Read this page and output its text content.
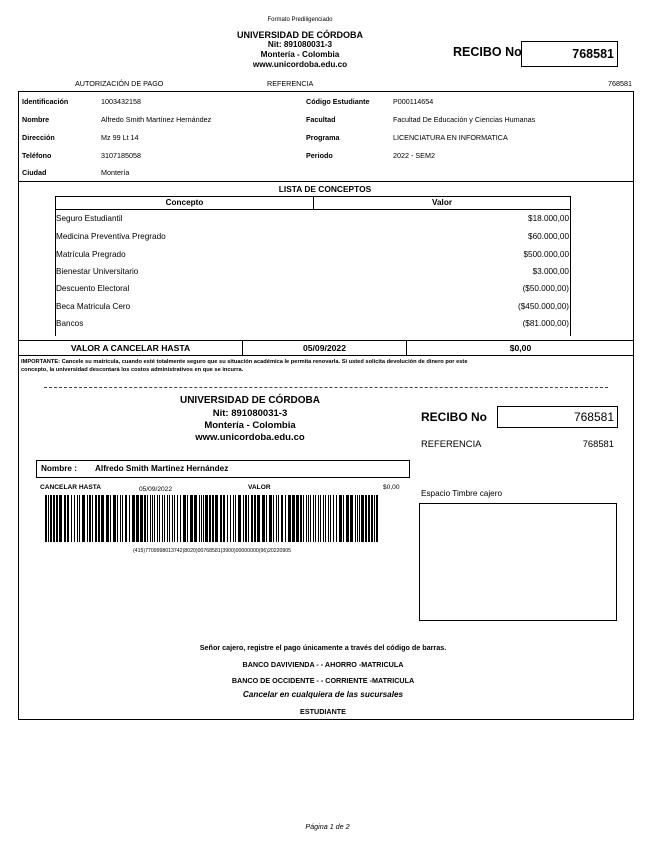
Formato Prediligenciado
UNIVERSIDAD DE CÓRDOBA
Nit: 891080031-3
Montería - Colombia
www.unicordoba.edu.co
RECIBO No	768581
AUTORIZACIÓN DE PAGO	REFERENCIA	768581
Identificación	1003432158
Nombre	Alfredo Smith Martínez Hernández
Dirección	Mz 99 Lt 14
Teléfono	3107185058
Ciudad	Montería
Código Estudiante	P000114654
Facultad	Facultad De Educación y Ciencias Humanas
Programa	LICENCIATURA EN INFORMATICA
Periodo	2022 - SEM2
LISTA DE CONCEPTOS
Concepto	Valor
Seguro Estudiantil	$18.000,00
Medicina Preventiva Pregrado	$60.000,00
Matrícula Pregrado	$500.000,00
Bienestar Universitario	$3.000,00
Descuento Electoral	($50.000,00)
Beca Matricula Cero	($450.000,00)
Bancos	($81.000,00)
VALOR A CANCELAR HASTA	05/09/2022	$0,00
IMPORTANTE: Cancele su matrícula, cuando esté totalmente seguro que su situación académica le permita renovarla. Si usted solicita devolución de dinero por este
concepto, la universidad descontará los costos administrativos en que se incurra.
UNIVERSIDAD DE CÓRDOBA
Nit: 891080031-3
Montería - Colombia
www.unicordoba.edu.co
RECIBO No	768581
REFERENCIA	768581
Nombre : Alfredo Smith Martinez Hernández
CANCELAR HASTA	05/09/2022	VALOR	$0,00
(415)7709998013742(8020)00768581(3900)00000000(96)20220905
Espacio Timbre cajero
Señor cajero, registre el pago únicamente a través del código de barras.
BANCO DAVIVIENDA - - AHORRO -MATRICULA
BANCO DE OCCIDENTE - - CORRIENTE -MATRICULA
Cancelar en cualquiera de las sucursales
ESTUDIANTE
Página 1 de 2
